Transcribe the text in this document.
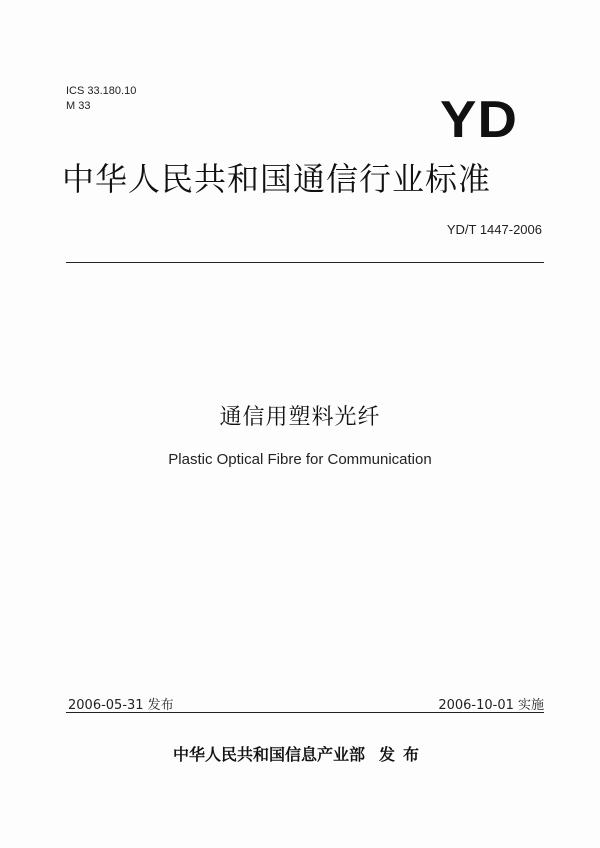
ICS 33.180.10
M 33	YD
中华人民共和国通信行业标准
YD/T 1447-2006
通信用塑料光纤
Plastic Optical Fibre for Communication
2006-05-31 发布	2006-10-01 实施
中华人民共和国信息产业部 发布
